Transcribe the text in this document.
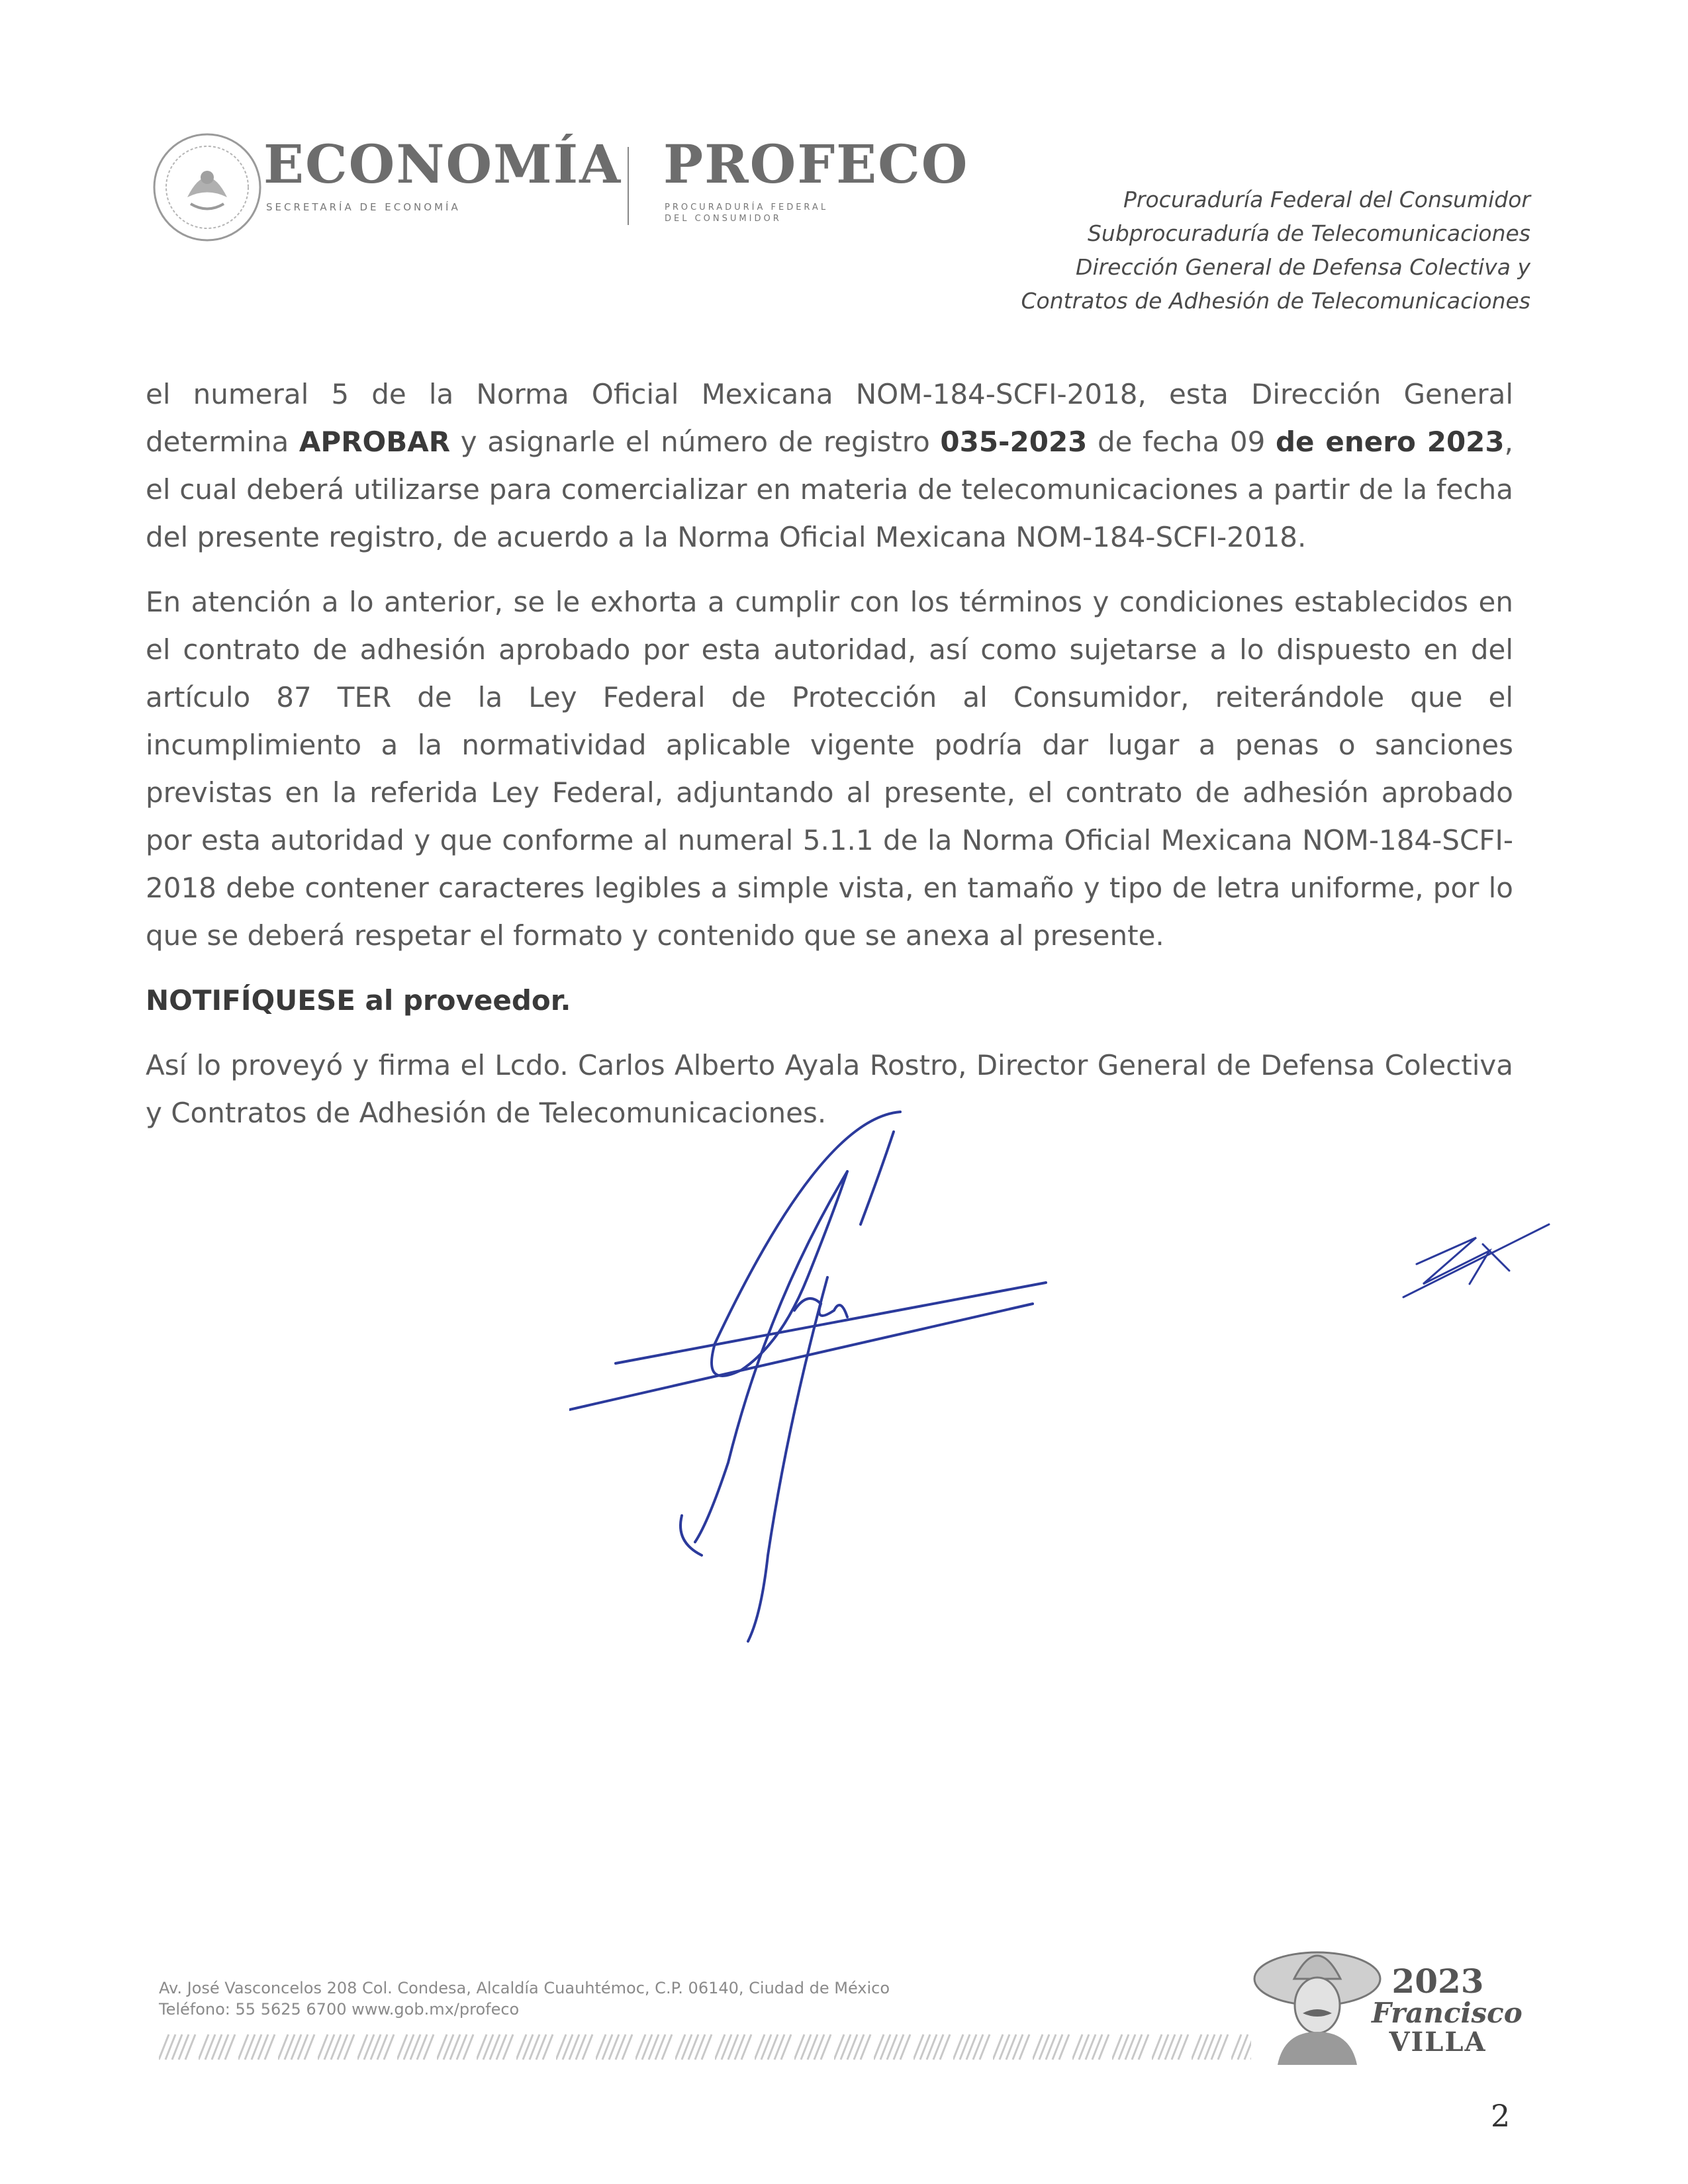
ECONOMÍA
SECRETARÍA DE ECONOMÍA
PROFECO
PROCURADURÍA FEDERAL
DEL CONSUMIDOR
Procuraduría Federal del Consumidor
Subprocuraduría de Telecomunicaciones
Dirección General de Defensa Colectiva y
Contratos de Adhesión de Telecomunicaciones

el numeral 5 de la Norma Oficial Mexicana NOM-184-SCFI-2018, esta Dirección General determina APROBAR y asignarle el número de registro 035-2023 de fecha 09 de enero 2023, el cual deberá utilizarse para comercializar en materia de telecomunicaciones a partir de la fecha del presente registro, de acuerdo a la Norma Oficial Mexicana NOM-184-SCFI-2018.

En atención a lo anterior, se le exhorta a cumplir con los términos y condiciones establecidos en el contrato de adhesión aprobado por esta autoridad, así como sujetarse a lo dispuesto en del artículo 87 TER de la Ley Federal de Protección al Consumidor, reiterándole que el incumplimiento a la normatividad aplicable vigente podría dar lugar a penas o sanciones previstas en la referida Ley Federal, adjuntando al presente, el contrato de adhesión aprobado por esta autoridad y que conforme al numeral 5.1.1 de la Norma Oficial Mexicana NOM-184-SCFI-2018 debe contener caracteres legibles a simple vista, en tamaño y tipo de letra uniforme, por lo que se deberá respetar el formato y contenido que se anexa al presente.

NOTIFÍQUESE al proveedor.

Así lo proveyó y firma el Lcdo. Carlos Alberto Ayala Rostro, Director General de Defensa Colectiva y Contratos de Adhesión de Telecomunicaciones.

Av. José Vasconcelos 208 Col. Condesa, Alcaldía Cuauhtémoc, C.P. 06140, Ciudad de México
Teléfono: 55 5625 6700 www.gob.mx/profeco
2023
Francisco
VILLA
2
